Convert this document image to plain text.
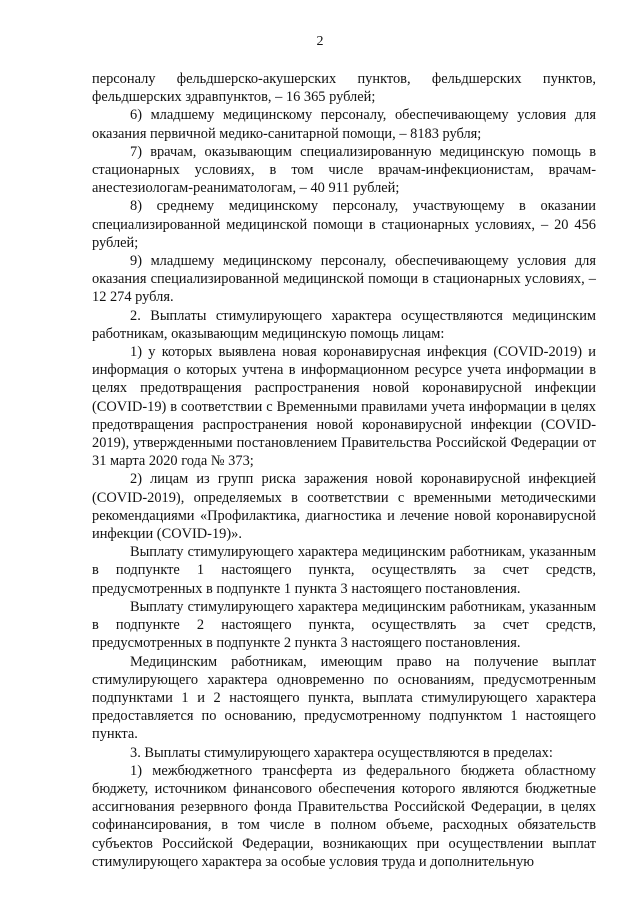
2

персоналу фельдшерско-акушерских пунктов, фельдшерских пунктов, фельдшерских здравпунктов, – 16 365 рублей;

6) младшему медицинскому персоналу, обеспечивающему условия для оказания первичной медико-санитарной помощи, – 8183 рубля;

7) врачам, оказывающим специализированную медицинскую помощь в стационарных условиях, в том числе врачам-инфекционистам, врачам-анестезиологам-реаниматологам, – 40 911 рублей;

8) среднему медицинскому персоналу, участвующему в оказании специализированной медицинской помощи в стационарных условиях, – 20 456 рублей;

9) младшему медицинскому персоналу, обеспечивающему условия для оказания специализированной медицинской помощи в стационарных условиях, – 12 274 рубля.

2. Выплаты стимулирующего характера осуществляются медицинским работникам, оказывающим медицинскую помощь лицам:

1) у которых выявлена новая коронавирусная инфекция (COVID-2019) и информация о которых учтена в информационном ресурсе учета информации в целях предотвращения распространения новой коронавирусной инфекции (COVID-19) в соответствии с Временными правилами учета информации в целях предотвращения распространения новой коронавирусной инфекции (COVID-2019), утвержденными постановлением Правительства Российской Федерации от 31 марта 2020 года № 373;

2) лицам из групп риска заражения новой коронавирусной инфекцией (COVID-2019), определяемых в соответствии с временными методическими рекомендациями «Профилактика, диагностика и лечение новой коронавирусной инфекции (COVID-19)».

Выплату стимулирующего характера медицинским работникам, указанным в подпункте 1 настоящего пункта, осуществлять за счет средств, предусмотренных в подпункте 1 пункта 3 настоящего постановления.

Выплату стимулирующего характера медицинским работникам, указанным в подпункте 2 настоящего пункта, осуществлять за счет средств, предусмотренных в подпункте 2 пункта 3 настоящего постановления.

Медицинским работникам, имеющим право на получение выплат стимулирующего характера одновременно по основаниям, предусмотренным подпунктами 1 и 2 настоящего пункта, выплата стимулирующего характера предоставляется по основанию, предусмотренному подпунктом 1 настоящего пункта.

3. Выплаты стимулирующего характера осуществляются в пределах:

1) межбюджетного трансферта из федерального бюджета областному бюджету, источником финансового обеспечения которого являются бюджетные ассигнования резервного фонда Правительства Российской Федерации, в целях софинансирования, в том числе в полном объеме, расходных обязательств субъектов Российской Федерации, возникающих при осуществлении выплат стимулирующего характера за особые условия труда и дополнительную
